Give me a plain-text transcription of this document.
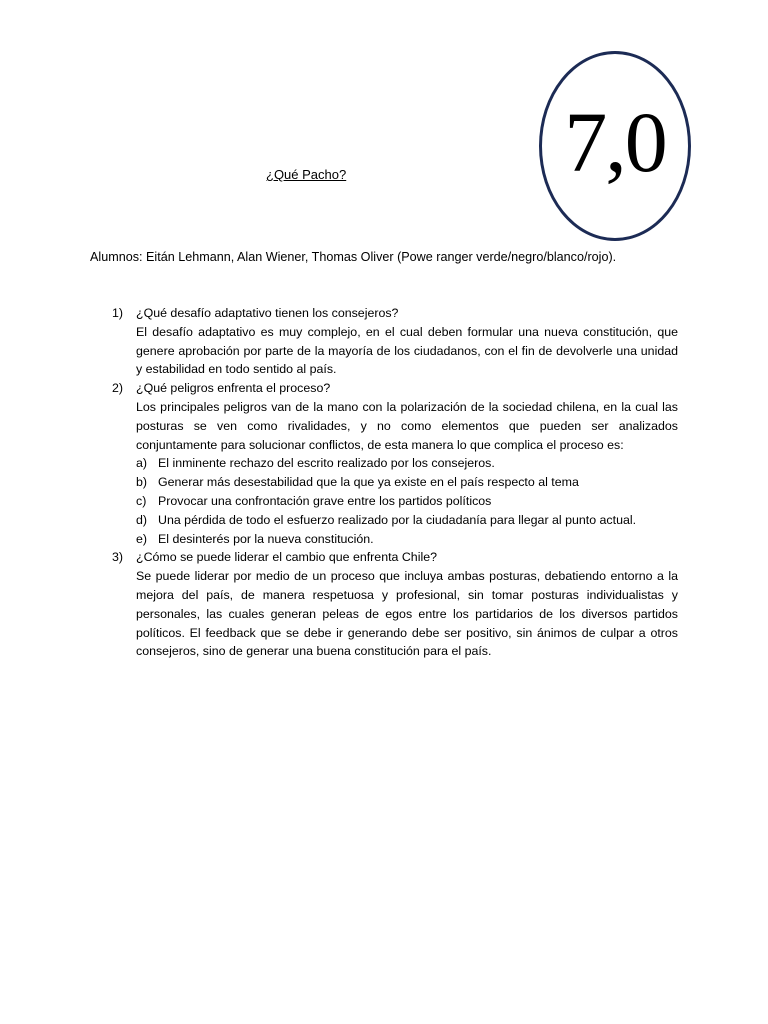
7,0
¿Qué Pacho?
Alumnos: Eitán Lehmann, Alan Wiener, Thomas Oliver (Powe ranger verde/negro/blanco/rojo).
1) ¿Qué desafío adaptativo tienen los consejeros?
El desafío adaptativo es muy complejo, en el cual deben formular una nueva constitución, que genere aprobación por parte de la mayoría de los ciudadanos, con el fin de devolverle una unidad y estabilidad en todo sentido al país.
2) ¿Qué peligros enfrenta el proceso?
Los principales peligros van de la mano con la polarización de la sociedad chilena, en la cual las posturas se ven como rivalidades, y no como elementos que pueden ser analizados conjuntamente para solucionar conflictos, de esta manera lo que complica el proceso es:
a) El inminente rechazo del escrito realizado por los consejeros.
b) Generar más desestabilidad que la que ya existe en el país respecto al tema
c) Provocar una confrontación grave entre los partidos políticos
d) Una pérdida de todo el esfuerzo realizado por la ciudadanía para llegar al punto actual.
e) El desinterés por la nueva constitución.
3) ¿Cómo se puede liderar el cambio que enfrenta Chile?
Se puede liderar por medio de un proceso que incluya ambas posturas, debatiendo entorno a la mejora del país, de manera respetuosa y profesional, sin tomar posturas individualistas y personales, las cuales generan peleas de egos entre los partidarios de los diversos partidos políticos. El feedback que se debe ir generando debe ser positivo, sin ánimos de culpar a otros consejeros, sino de generar una buena constitución para el país.
